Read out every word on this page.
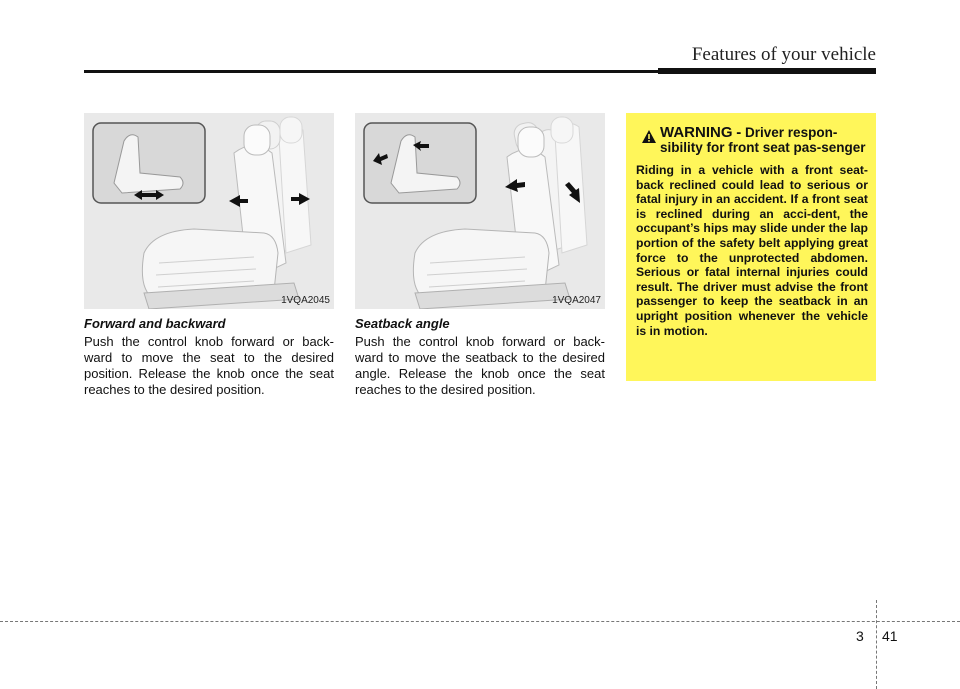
Features of your vehicle
1VQA2045	1VQA2047
Forward and backward
Push the control knob forward or back-ward to move the seat to the desired position. Release the knob once the seat reaches to the desired position.
Seatback angle
Push the control knob forward or back-ward to move the seatback to the desired angle. Release the knob once the seat reaches to the desired position.
WARNING - Driver respon-sibility for front seat pas-senger
Riding in a vehicle with a front seat-back reclined could lead to serious or fatal injury in an accident. If a front seat is reclined during an acci-dent, the occupant’s hips may slide under the lap portion of the safety belt applying great force to the unprotected abdomen. Serious or fatal internal injuries could result. The driver must advise the front passenger to keep the seatback in an upright position whenever the vehicle is in motion.
3 41
